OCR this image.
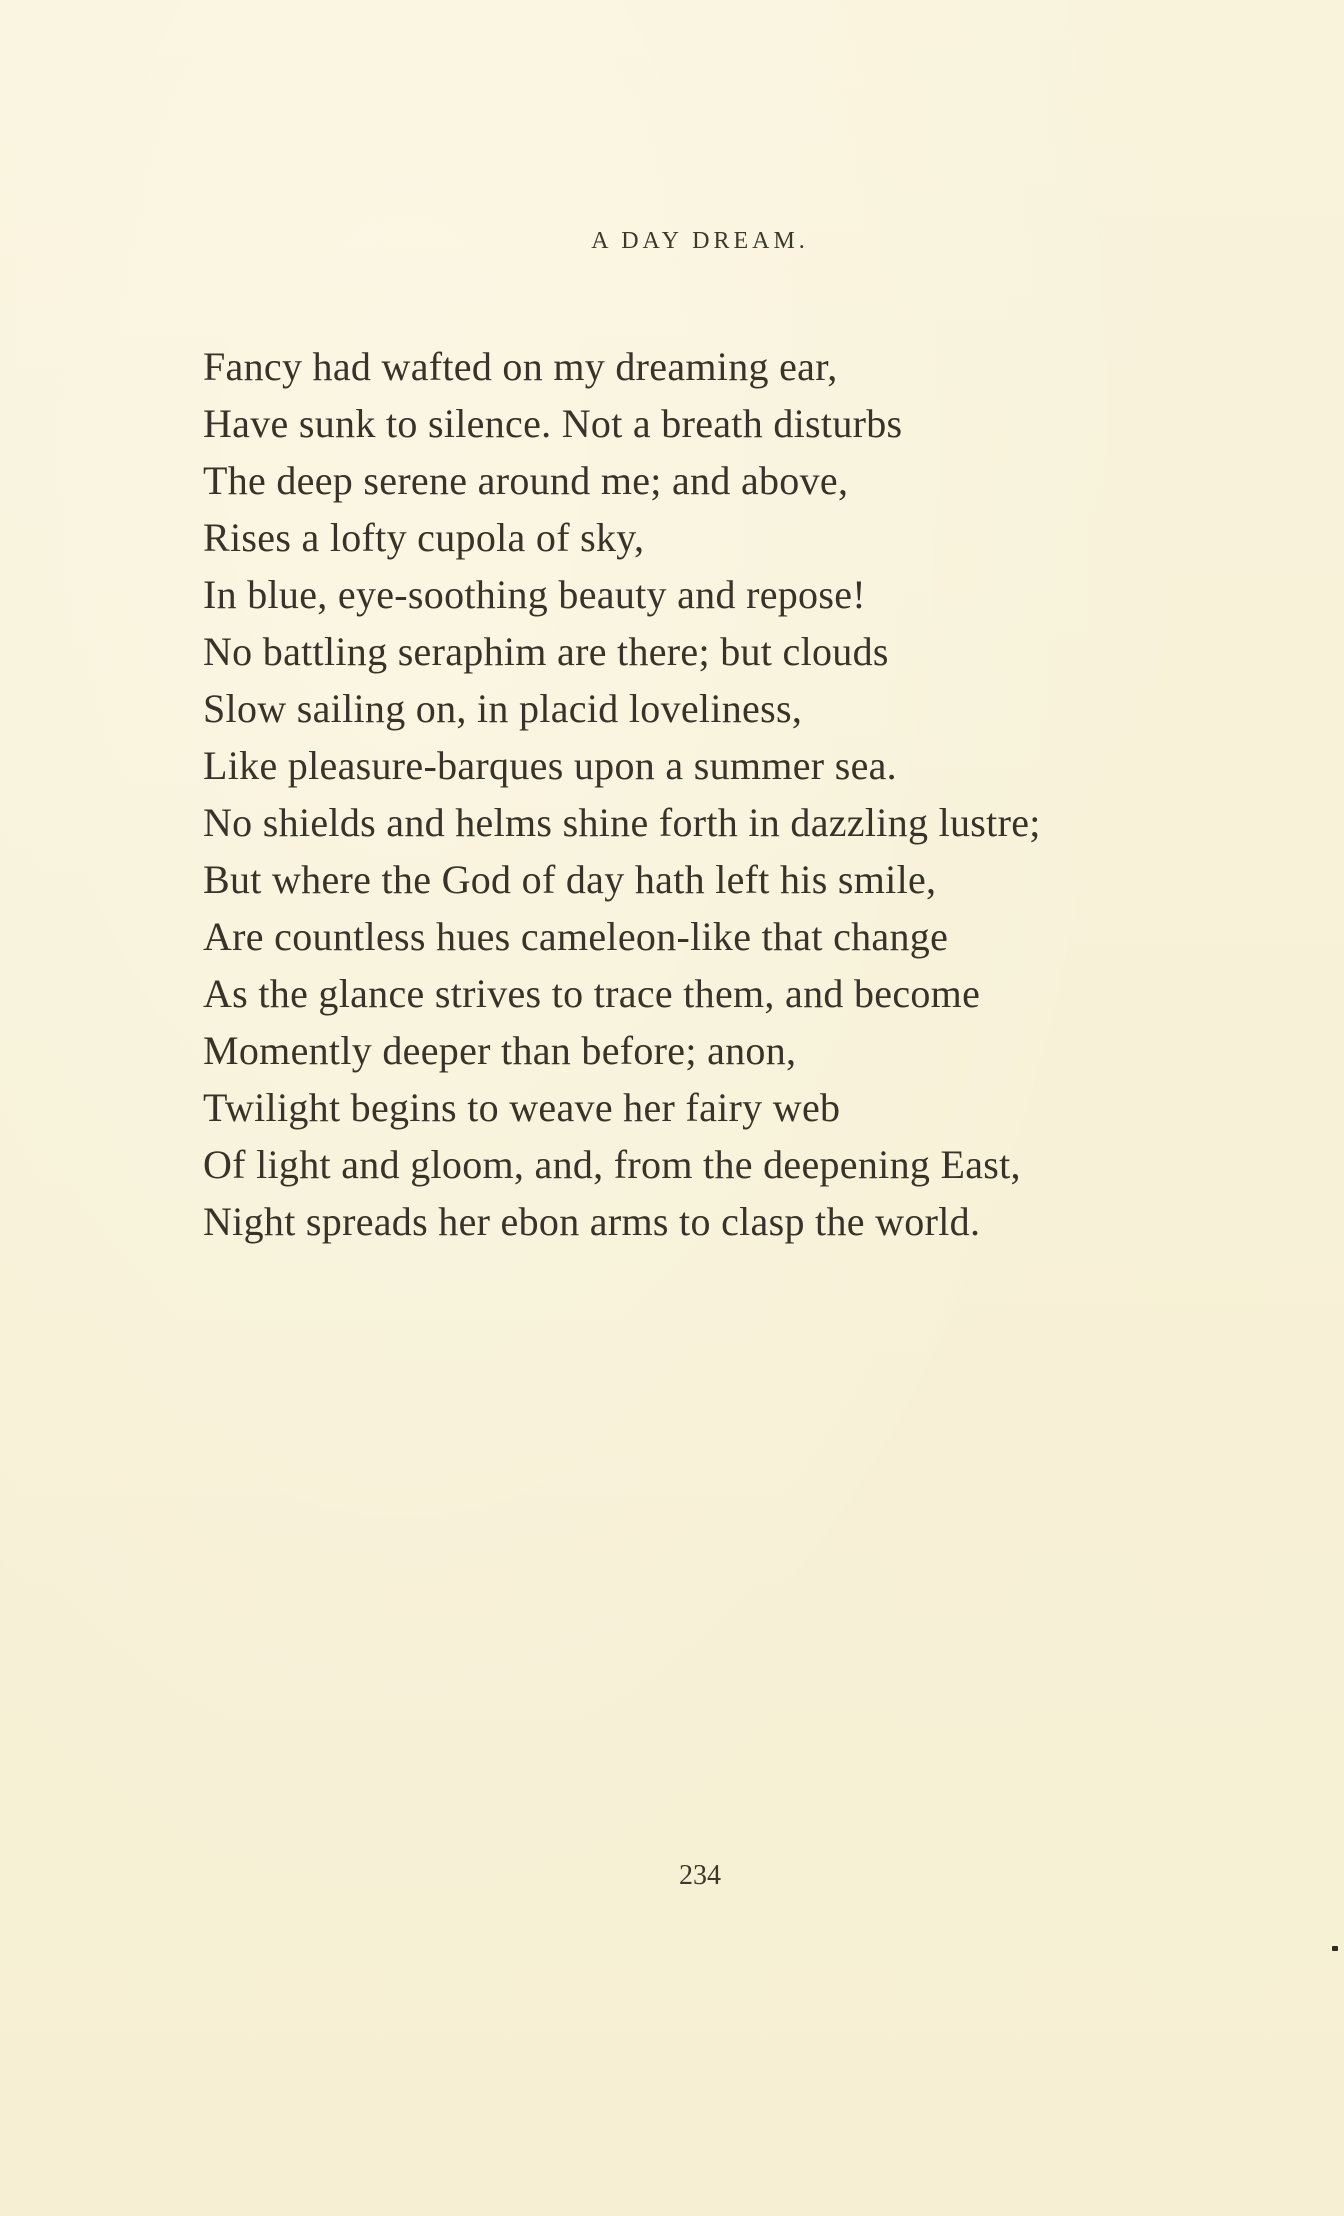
A DAY DREAM.
Fancy had wafted on my dreaming ear,
Have sunk to silence. Not a breath disturbs
The deep serene around me; and above,
Rises a lofty cupola of sky,
In blue, eye-soothing beauty and repose!
No battling seraphim are there; but clouds
Slow sailing on, in placid loveliness,
Like pleasure-barques upon a summer sea.
No shields and helms shine forth in dazzling lustre;
But where the God of day hath left his smile,
Are countless hues cameleon-like that change
As the glance strives to trace them, and become
Momently deeper than before; anon,
Twilight begins to weave her fairy web
Of light and gloom, and, from the deepening East,
Night spreads her ebon arms to clasp the world.
234
